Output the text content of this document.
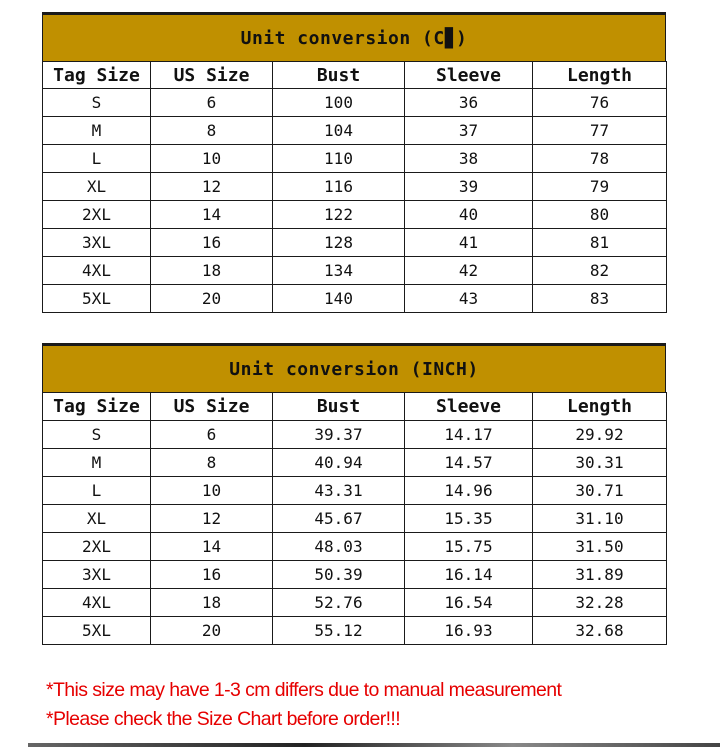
Unit conversion (C▊)
Tag Size	US Size	Bust	Sleeve	Length
S	6	100	36	76
M	8	104	37	77
L	10	110	38	78
XL	12	116	39	79
2XL	14	122	40	80
3XL	16	128	41	81
4XL	18	134	42	82
5XL	20	140	43	83
Unit conversion (INCH)
Tag Size	US Size	Bust	Sleeve	Length
S	6	39.37	14.17	29.92
M	8	40.94	14.57	30.31
L	10	43.31	14.96	30.71
XL	12	45.67	15.35	31.10
2XL	14	48.03	15.75	31.50
3XL	16	50.39	16.14	31.89
4XL	18	52.76	16.54	32.28
5XL	20	55.12	16.93	32.68
*This size may have 1-3 cm differs due to manual measurement
*Please check the Size Chart before order!!!
